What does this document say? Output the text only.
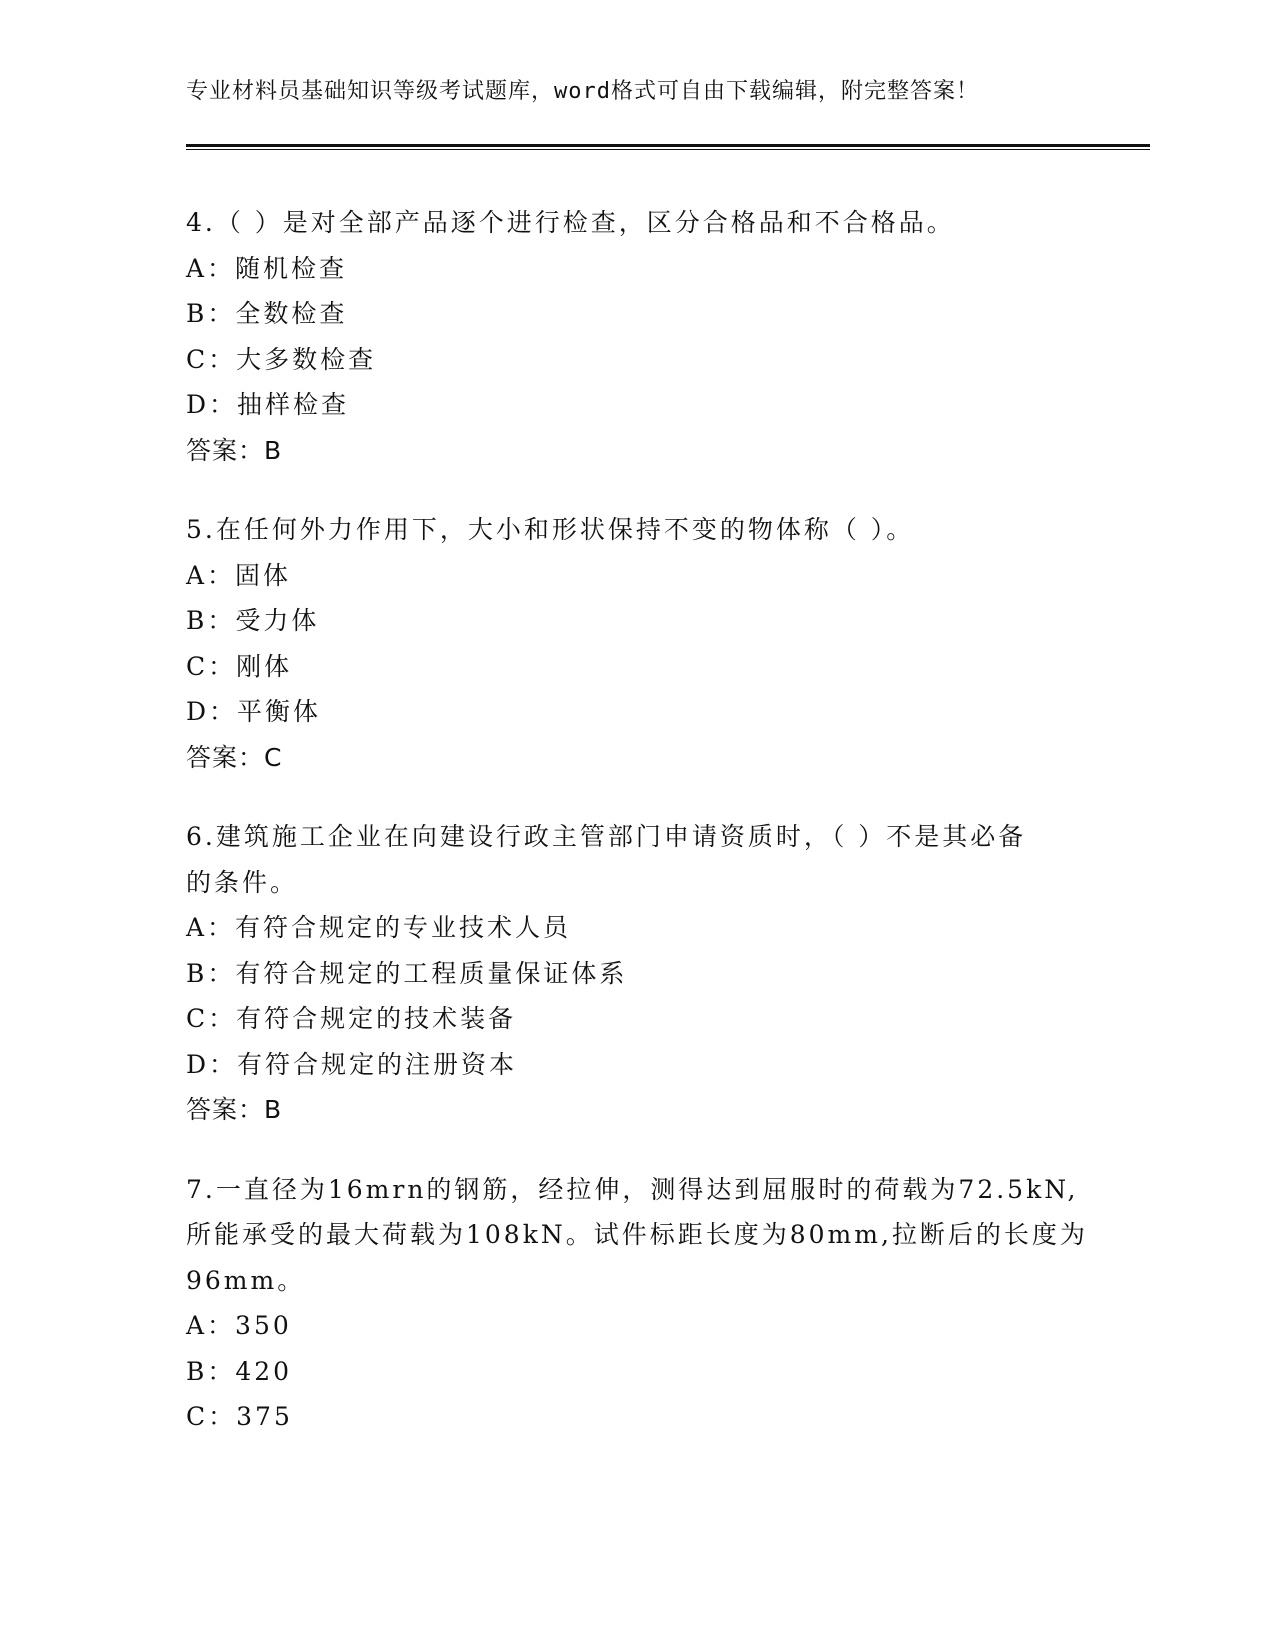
专业材料员基础知识等级考试题库，word格式可自由下载编辑，附完整答案！
4.（ ）是对全部产品逐个进行检查，区分合格品和不合格品。
A：随机检查
B：全数检查
C：大多数检查
D：抽样检查
答案：B
5.在任何外力作用下，大小和形状保持不变的物体称（ ）。
A：固体
B：受力体
C：刚体
D：平衡体
答案：C
6.建筑施工企业在向建设行政主管部门申请资质时，（ ）不是其必备
的条件。
A：有符合规定的专业技术人员
B：有符合规定的工程质量保证体系
C：有符合规定的技术装备
D：有符合规定的注册资本
答案：B
7.一直径为16mrn的钢筋，经拉伸，测得达到屈服时的荷载为72.5kN,
所能承受的最大荷载为108kN。试件标距长度为80mm,拉断后的长度为
96mm。
A：350
B：420
C：375
